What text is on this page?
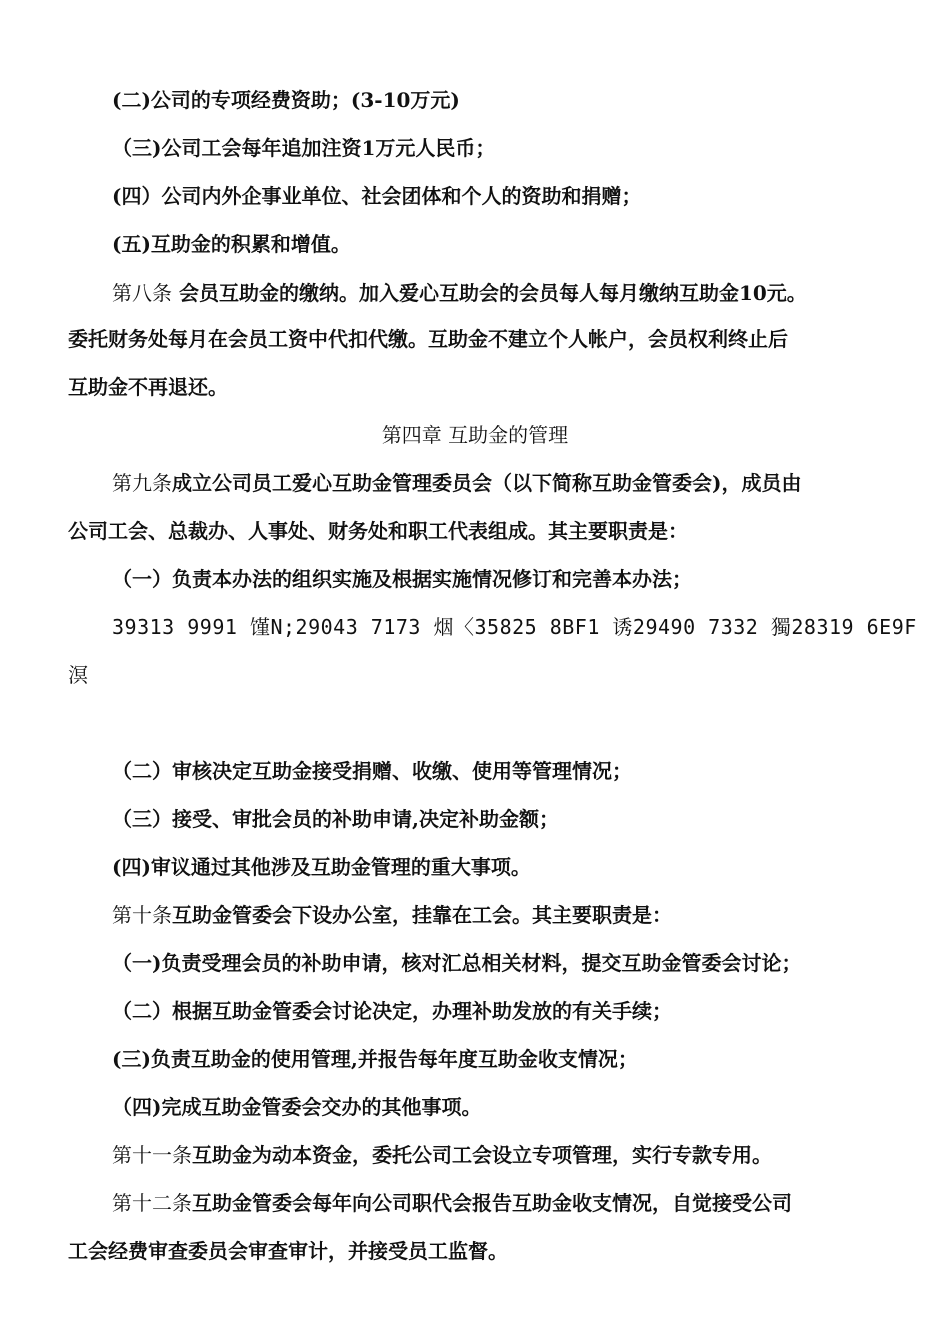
(二)公司的专项经费资助；(3-10万元)
（三)公司工会每年追加注资1万元人民币；
(四）公司内外企事业单位、社会团体和个人的资助和捐赠；
(五)互助金的积累和增值。
第八条 会员互助金的缴纳。加入爱心互助会的会员每人每月缴纳互助金10元。
委托财务处每月在会员工资中代扣代缴。互助金不建立个人帐户，会员权利终止后
互助金不再退还。
第四章 互助金的管理
第九条成立公司员工爱心互助金管理委员会（以下简称互助金管委会)，成员由
公司工会、总裁办、人事处、财务处和职工代表组成。其主要职责是：
（一）负责本办法的组织实施及根据实施情况修订和完善本办法；
39313 9991 馑N;29043 7173 烟〈35825 8BF1 诱29490 7332 獨28319 6E9F
溟
（二）审核决定互助金接受捐赠、收缴、使用等管理情况；
（三）接受、审批会员的补助申请,决定补助金额；
(四)审议通过其他涉及互助金管理的重大事项。
第十条互助金管委会下设办公室，挂靠在工会。其主要职责是：
（一)负责受理会员的补助申请，核对汇总相关材料，提交互助金管委会讨论；
（二）根据互助金管委会讨论决定，办理补助发放的有关手续；
(三)负责互助金的使用管理,并报告每年度互助金收支情况；
（四)完成互助金管委会交办的其他事项。
第十一条互助金为动本资金，委托公司工会设立专项管理，实行专款专用。
第十二条互助金管委会每年向公司职代会报告互助金收支情况，自觉接受公司
工会经费审查委员会审查审计，并接受员工监督。
